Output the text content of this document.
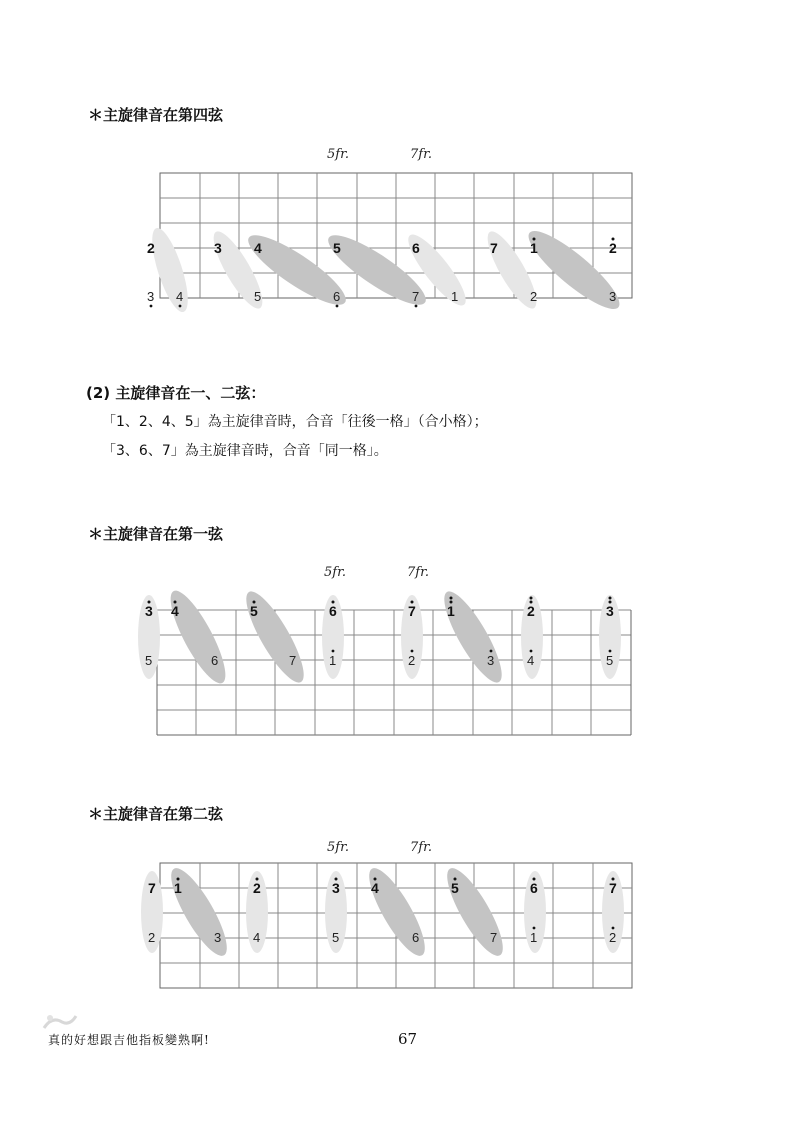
＊主旋律音在第四弦
5fr.	7fr.
2	3 4	5	6	7 1	2
3 4	5	6	7 1	2	3
(2) 主旋律音在一、二弦：
「1、2、4、5」為主旋律音時，合音「往後一格」（合小格）；
「3、6、7」為主旋律音時，合音「同一格」。
＊主旋律音在第一弦
5fr.	7fr.
3 4	5	6	7 1	2	3
5	6	7	1	2	3	4	5
＊主旋律音在第二弦
5fr.	7fr.
7 1	2	3 4	5	6	7
2	3 4	5	6	7	1	2
真的好想跟吉他指板變熟啊!	67
